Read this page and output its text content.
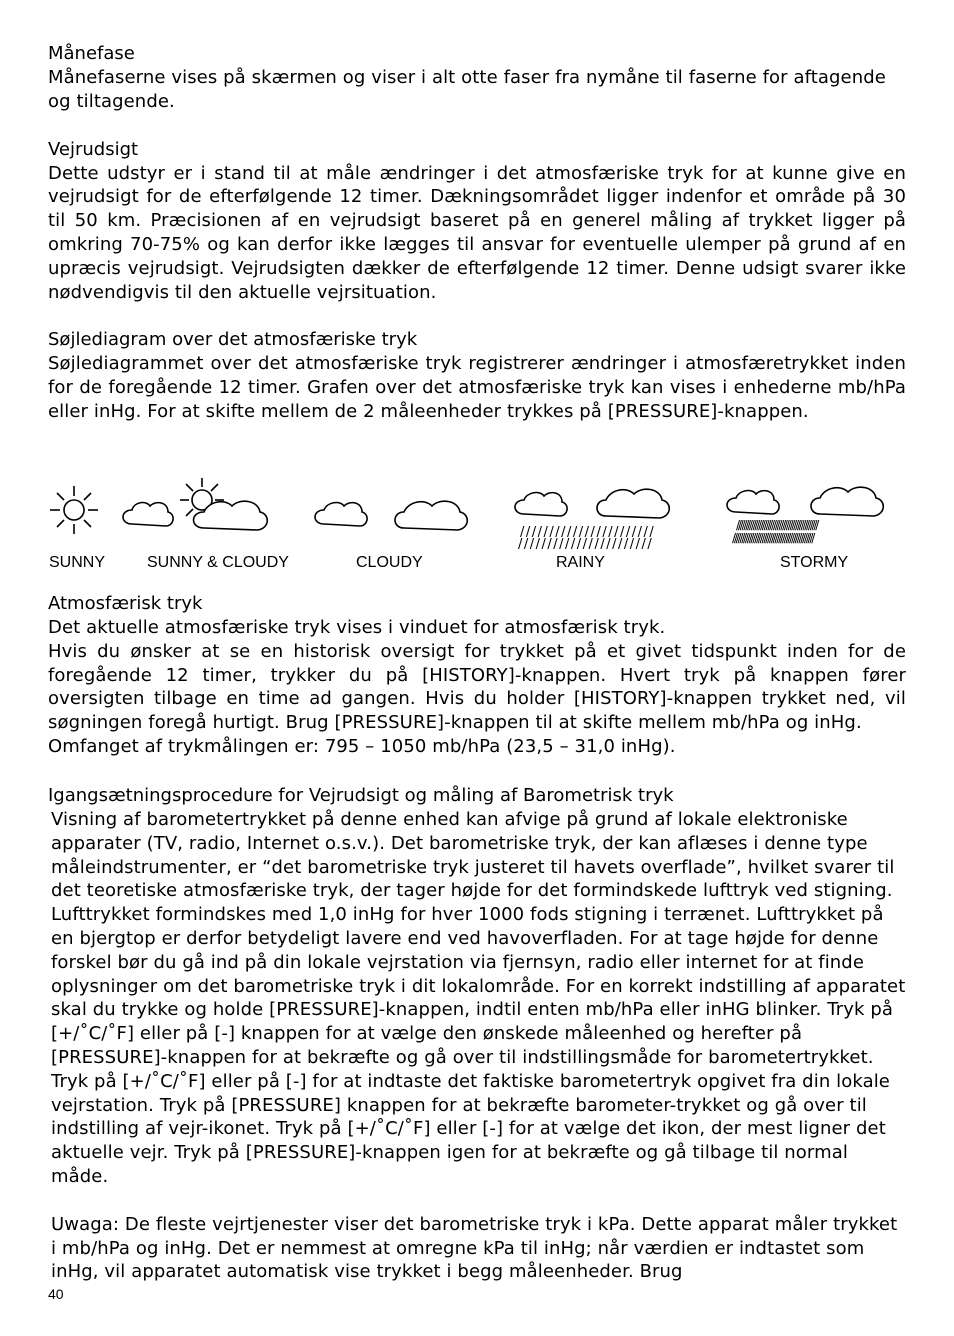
Månefase

Månefaserne vises på skærmen og viser i alt otte faser fra nymåne til faserne for aftagende og tiltagende.

Vejrudsigt

Dette udstyr er i stand til at måle ændringer i det atmosfæriske tryk for at kunne give en vejrudsigt for de efterfølgende 12 timer. Dækningsområdet ligger indenfor et område på 30 til 50 km. Præcisionen af en vejrudsigt baseret på en generel måling af trykket ligger på omkring 70-75% og kan derfor ikke lægges til ansvar for eventuelle ulemper på grund af en upræcis vejrudsigt. Vejrudsigten dækker de efterfølgende 12 timer. Denne udsigt svarer ikke nødvendigvis til den aktuelle vejrsituation.

Søjlediagram over det atmosfæriske tryk

Søjlediagrammet over det atmosfæriske tryk registrerer ændringer i atmosfæretrykket inden for de foregående 12 timer. Grafen over det atmosfæriske tryk kan vises i enhederne mb/hPa eller inHg. For at skifte mellem de 2 måleenheder trykkes på [PRESSURE]-knappen.

///////////////////////
///////////////////////
////////////////////////////////////////////
////////////////////////////////////////////
SUNNY	SUNNY & CLOUDY	CLOUDY	RAINY	STORMY
Atmosfærisk tryk

Det aktuelle atmosfæriske tryk vises i vinduet for atmosfærisk tryk.

Hvis du ønsker at se en historisk oversigt for trykket på et givet tidspunkt inden for de foregående 12 timer, trykker du på [HISTORY]-knappen. Hvert tryk på knappen fører oversigten tilbage en time ad gangen. Hvis du holder [HISTORY]-knappen trykket ned, vil søgningen foregå hurtigt. Brug [PRESSURE]-knappen til at skifte mellem mb/hPa og inHg.

Omfanget af trykmålingen er: 795 – 1050 mb/hPa (23,5 – 31,0 inHg).

Igangsætningsprocedure for Vejrudsigt og måling af Barometrisk tryk

Visning af barometertrykket på denne enhed kan afvige på grund af lokale elektroniske apparater (TV, radio, Internet o.s.v.). Det barometriske tryk, der kan aflæses i denne type måleindstrumenter, er “det barometriske tryk justeret til havets overflade”, hvilket svarer til det teoretiske atmosfæriske tryk, der tager højde for det formindskede lufttryk ved stigning. Lufttrykket formindskes med 1,0 inHg for hver 1000 fods stigning i terrænet. Lufttrykket på en bjergtop er derfor betydeligt lavere end ved havoverfladen. For at tage højde for denne forskel bør du gå ind på din lokale vejrstation via fjernsyn, radio eller internet for at finde oplysninger om det barometriske tryk i dit lokalområde. For en korrekt indstilling af apparatet skal du trykke og holde [PRESSURE]-knappen, indtil enten mb/hPa eller inHG blinker. Tryk på [+/˚C/˚F] eller på [-] knappen for at vælge den ønskede måleenhed og herefter på [PRESSURE]-knappen for at bekræfte og gå over til indstillingsmåde for barometertrykket. Tryk på [+/˚C/˚F] eller på [-] for at indtaste det faktiske barometertryk opgivet fra din lokale vejrstation. Tryk på [PRESSURE] knappen for at bekræfte barometer-trykket og gå over til indstilling af vejr-ikonet. Tryk på [+/˚C/˚F] eller [-] for at vælge det ikon, der mest ligner det aktuelle vejr. Tryk på [PRESSURE]-knappen igen for at bekræfte og gå tilbage til normal måde.

Uwaga: De fleste vejrtjenester viser det barometriske tryk i kPa. Dette apparat måler trykket i mb/hPa og inHg. Det er nemmest at omregne kPa til inHg; når værdien er indtastet som inHg, vil apparatet automatisk vise trykket i begg måleenheder. Brug

40
